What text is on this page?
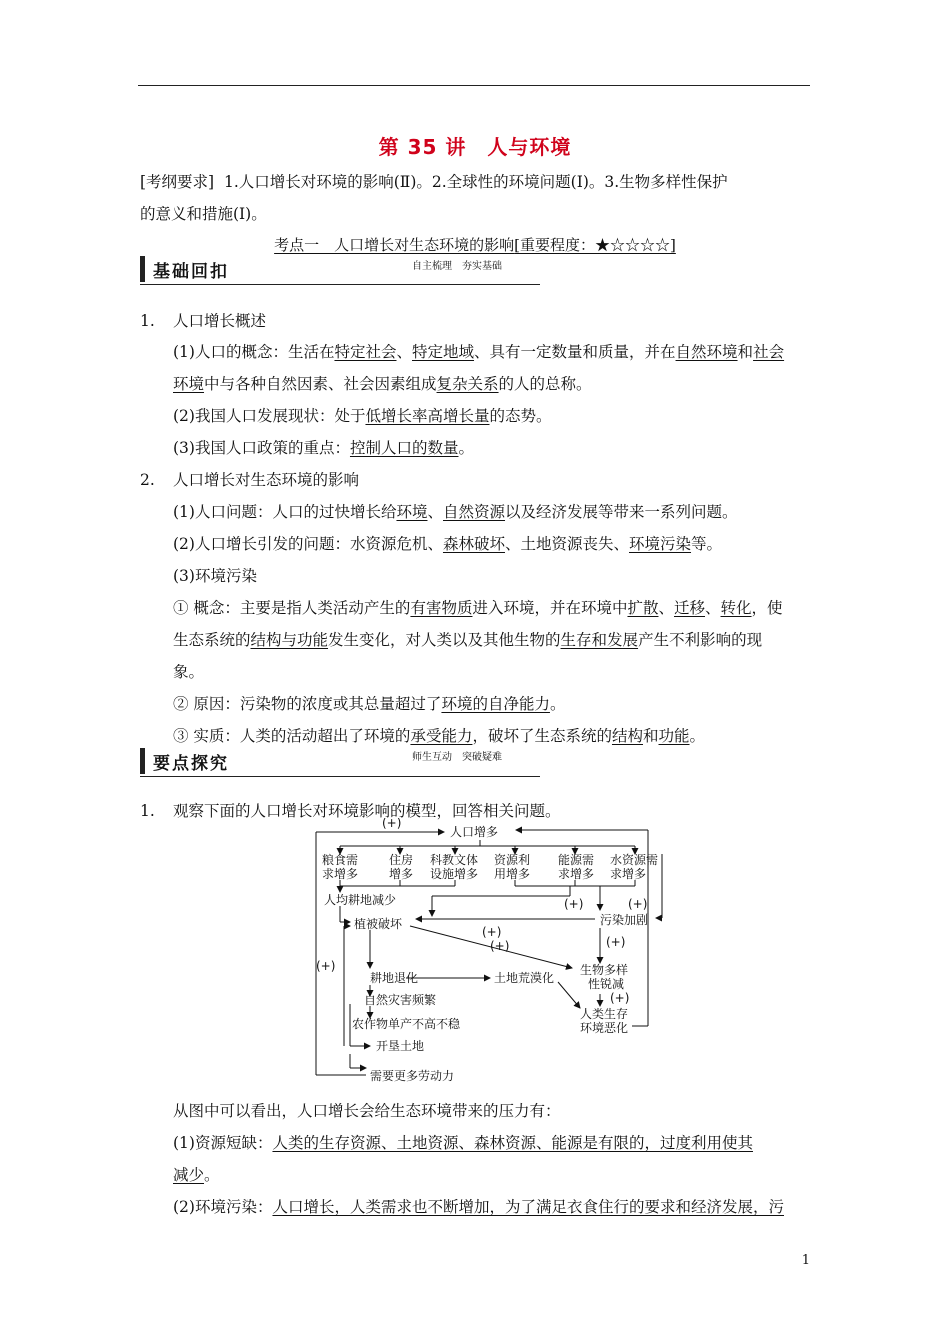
第 35 讲　人与环境
[考纲要求] 1.人口增长对环境的影响(Ⅱ)。2.全球性的环境问题(Ⅰ)。3.生物多样性保护
的意义和措施(Ⅰ)。
考点一　人口增长对生态环境的影响[重要程度：★☆☆☆☆]
基础回扣	自主梳理　夯实基础
1. 人口增长概述
(1)人口的概念：生活在特定社会、特定地域、具有一定数量和质量，并在自然环境和社会
环境中与各种自然因素、社会因素组成复杂关系的人的总称。
(2)我国人口发展现状：处于低增长率高增长量的态势。
(3)我国人口政策的重点：控制人口的数量。
2. 人口增长对生态环境的影响
(1)人口问题：人口的过快增长给环境、自然资源以及经济发展等带来一系列问题。
(2)人口增长引发的问题：水资源危机、森林破坏、土地资源丧失、环境污染等。
(3)环境污染
① 概念：主要是指人类活动产生的有害物质进入环境，并在环境中扩散、迁移、转化，使
生态系统的结构与功能发生变化，对人类以及其他生物的生存和发展产生不利影响的现
象。
② 原因：污染物的浓度或其总量超过了环境的自净能力。
③ 实质：人类的活动超出了环境的承受能力，破坏了生态系统的结构和功能。
要点探究	师生互动　突破疑难
1. 观察下面的人口增长对环境影响的模型，回答相关问题。
(+)
人口增多
粮食需
求增多
住房
增多
科教文体
设施增多
资源利
用增多
能源需
求增多
水资源需
求增多
人均耕地减少	(+)	(+)
植被破坏	污染加剧
(+)
(+)	(+)
(+)
耕地退化	土地荒漠化
生物多样
性锐减
(+)
自然灾害频繁
人类生存
环境恶化
农作物单产不高不稳
开垦土地
需要更多劳动力
从图中可以看出，人口增长会给生态环境带来的压力有：
(1)资源短缺：人类的生存资源、土地资源、森林资源、能源是有限的，过度利用使其
减少。
(2)环境污染：人口增长，人类需求也不断增加，为了满足衣食住行的要求和经济发展，污
1
